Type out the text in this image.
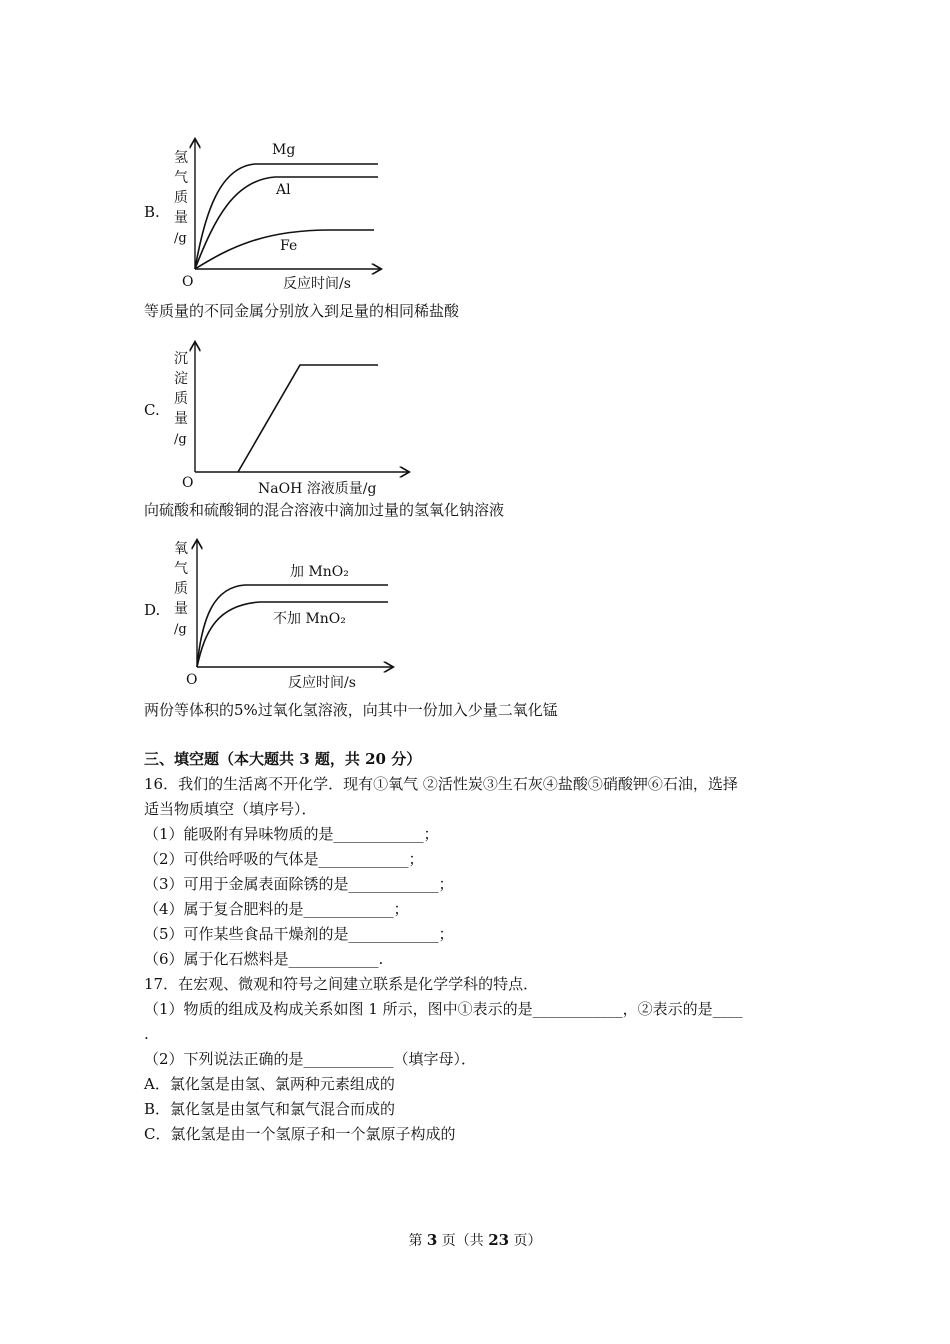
B.
氢
气
质
量
/g
O	反应时间/s
Mg
Al
Fe
等质量的不同金属分别放入到足量的相同稀盐酸
C.
沉
淀
质
量
/g
O	NaOH 溶液质量/g
向硫酸和硫酸铜的混合溶液中滴加过量的氢氧化钠溶液
D.
氧
气
质
量
/g
O	反应时间/s
加 MnO₂
不加 MnO₂
两份等体积的5%过氧化氢溶液，向其中一份加入少量二氧化锰
三、填空题（本大题共 3 题，共 20 分）
16．我们的生活离不开化学．现有①氧气 ②活性炭③生石灰④盐酸⑤硝酸钾⑥石油，选择
适当物质填空（填序号）．
（1）能吸附有异味物质的是____________；
（2）可供给呼吸的气体是____________；
（3）可用于金属表面除锈的是____________；
（4）属于复合肥料的是____________；
（5）可作某些食品干燥剂的是____________；
（6）属于化石燃料是____________.
17．在宏观、微观和符号之间建立联系是化学学科的特点．
（1）物质的组成及构成关系如图 1 所示，图中①表示的是____________，②表示的是____
.
（2）下列说法正确的是____________（填字母）．
A．氯化氢是由氢、氯两种元素组成的
B．氯化氢是由氢气和氯气混合而成的
C．氯化氢是由一个氢原子和一个氯原子构成的
第 3 页（共 23 页）
